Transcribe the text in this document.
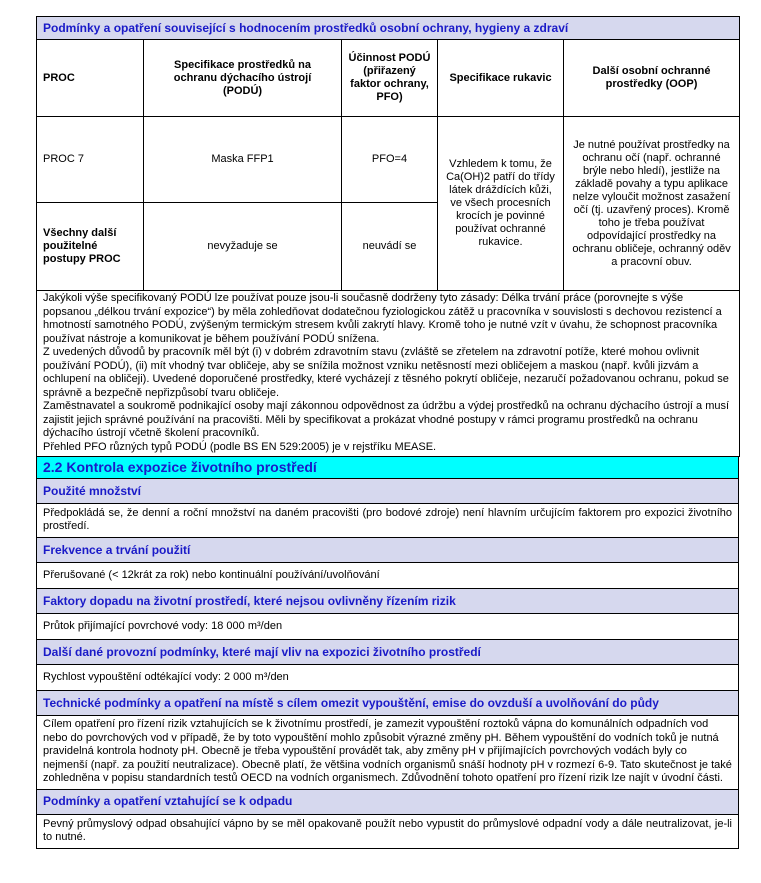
Podmínky a opatření související s hodnocením prostředků osobní ochrany, hygieny a zdraví				
PROC	Specifikace prostředků na ochranu dýchacího ústrojí (PODÚ)	Účinnost PODÚ (přiřazený faktor ochrany, PFO)	Specifikace rukavic	Další osobní ochranné prostředky (OOP)
PROC 7	Maska FFP1	PFO=4	Vzhledem k tomu, že Ca(OH)2 patří do třídy látek dráždících kůži, ve všech procesních krocích je povinné používat ochranné rukavice.	Je nutné používat prostředky na ochranu očí (např. ochranné brýle nebo hledí), jestliže na základě povahy a typu aplikace nelze vyloučit možnost zasažení očí (tj. uzavřený proces). Kromě toho je třeba používat odpovídající prostředky na ochranu obličeje, ochranný oděv a pracovní obuv.
Všechny další použitelné postupy PROC	nevyžaduje se	neuvádí se		

Jakýkoli výše specifikovaný PODÚ lze používat pouze jsou-li současně dodrženy tyto zásady: Délka trvání práce (porovnejte s výše popsanou „délkou trvání expozice“) by měla zohledňovat dodatečnou fyziologickou zátěž u pracovníka v souvislosti s dechovou rezistencí a hmotností samotného PODÚ, zvýšeným termickým stresem kvůli zakrytí hlavy. Kromě toho je nutné vzít v úvahu, že schopnost pracovníka používat nástroje a komunikovat je během používání PODÚ snížena.
Z uvedených důvodů by pracovník měl být (i) v dobrém zdravotním stavu (zvláště se zřetelem na zdravotní potíže, které mohou ovlivnit používání PODÚ), (ii) mít vhodný tvar obličeje, aby se snížila možnost vzniku netěsností mezi obličejem a maskou (např. kvůli jizvám a ochlupení na obličeji). Uvedené doporučené prostředky, které vycházejí z těsného pokrytí obličeje, nezaručí požadovanou ochranu, pokud se správně a bezpečně nepřizpůsobí tvaru obličeje.
Zaměstnavatel a soukromě podnikající osoby mají zákonnou odpovědnost za údržbu a výdej prostředků na ochranu dýchacího ústrojí a musí zajistit jejich správné používání na pracovišti. Měli by specifikovat a prokázat vhodné postupy v rámci programu prostředků na ochranu dýchacího ústrojí včetně školení pracovníků.
Přehled PFO různých typů PODÚ (podle BS EN 529:2005) je v rejstříku MEASE.				
2.2 Kontrola expozice životního prostředí
Použité množství
Předpokládá se, že denní a roční množství na daném pracovišti (pro bodové zdroje) není hlavním určujícím faktorem pro expozici životního prostředí.
Frekvence a trvání použití
Přerušované (< 12krát za rok) nebo kontinuální používání/uvolňování
Faktory dopadu na životní prostředí, které nejsou ovlivněny řízením rizik
Průtok přijímající povrchové vody: 18 000 m³/den
Další dané provozní podmínky, které mají vliv na expozici životního prostředí
Rychlost vypouštění odtékající vody: 2 000 m³/den
Technické podmínky a opatření na místě s cílem omezit vypouštění, emise do ovzduší a uvolňování do půdy
Cílem opatření pro řízení rizik vztahujících se k životnímu prostředí, je zamezit vypouštění roztoků vápna do komunálních odpadních vod nebo do povrchových vod v případě, že by toto vypouštění mohlo způsobit výrazné změny pH. Během vypouštění do vodních toků je nutná pravidelná kontrola hodnoty pH. Obecně je třeba vypouštění provádět tak, aby změny pH v přijímajících povrchových vodách byly co nejmenší (např. za použití neutralizace). Obecně platí, že většina vodních organismů snáší hodnoty pH v rozmezí 6-9. Tato skutečnost je také zohledněna v popisu standardních testů OECD na vodních organismech. Zdůvodnění tohoto opatření pro řízení rizik lze najít v úvodní části.
Podmínky a opatření vztahující se k odpadu
Pevný průmyslový odpad obsahující vápno by se měl opakovaně použít nebo vypustit do průmyslové odpadní vody a dále neutralizovat, je-li to nutné.
